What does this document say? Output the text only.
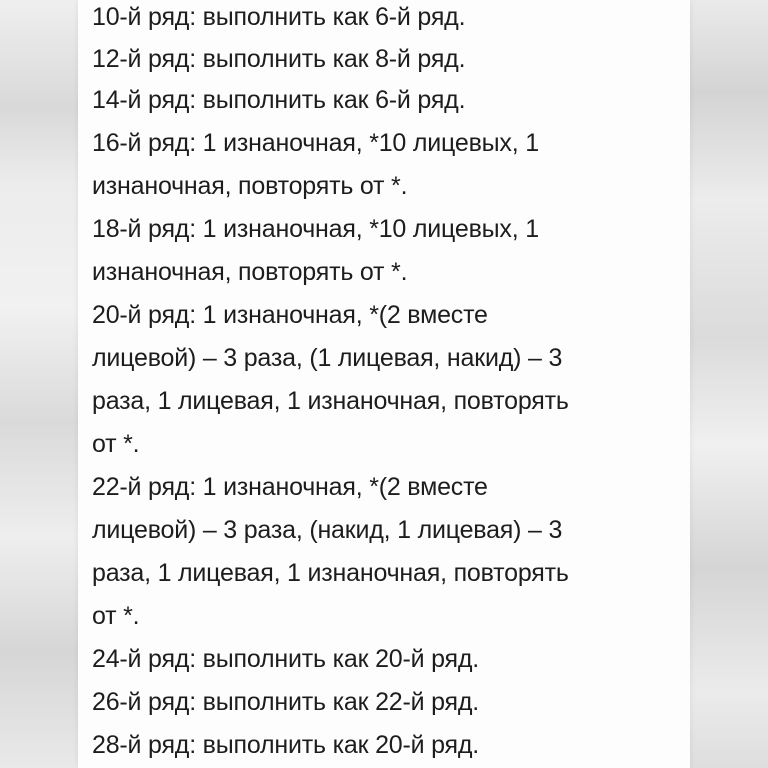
10-й ряд: выполнить как 6-й ряд.

12-й ряд: выполнить как 8-й ряд.

14-й ряд: выполнить как 6-й ряд.

16-й ряд: 1 изнаночная, *10 лицевых, 1

изнаночная, повторять от *.

18-й ряд: 1 изнаночная, *10 лицевых, 1

изнаночная, повторять от *.

20-й ряд: 1 изнаночная, *(2 вместе

лицевой) – 3 раза, (1 лицевая, накид) – 3

раза, 1 лицевая, 1 изнаночная, повторять

от *.

22-й ряд: 1 изнаночная, *(2 вместе

лицевой) – 3 раза, (накид, 1 лицевая) – 3

раза, 1 лицевая, 1 изнаночная, повторять

от *.

24-й ряд: выполнить как 20-й ряд.

26-й ряд: выполнить как 22-й ряд.

28-й ряд: выполнить как 20-й ряд.
